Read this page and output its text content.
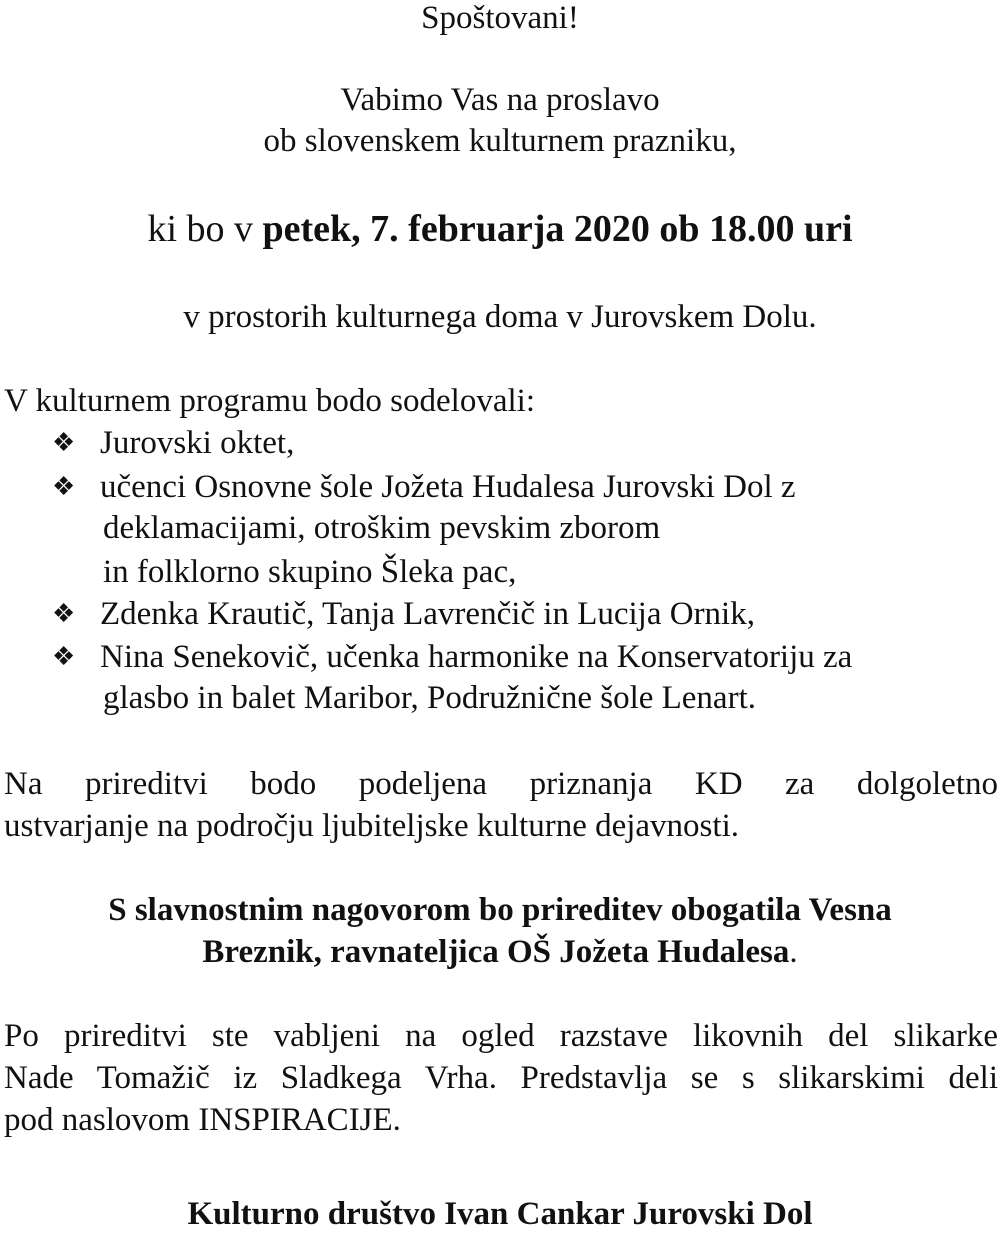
Spoštovani!
Vabimo Vas na proslavo
ob slovenskem kulturnem prazniku,
ki bo v petek, 7. februarja 2020 ob 18.00 uri
v prostorih kulturnega doma v Jurovskem Dolu.
V kulturnem programu bodo sodelovali:
❖ Jurovski oktet,
❖ učenci Osnovne šole Jožeta Hudalesa Jurovski Dol z
deklamacijami, otroškim pevskim zborom
in folklorno skupino Šleka pac,
❖ Zdenka Krautič, Tanja Lavrenčič in Lucija Ornik,
❖ Nina Senekovič, učenka harmonike na Konservatoriju za
glasbo in balet Maribor, Podružnične šole Lenart.
Na prireditvi bodo podeljena priznanja KD za dolgoletno
ustvarjanje na področju ljubiteljske kulturne dejavnosti.
S slavnostnim nagovorom bo prireditev obogatila Vesna
Breznik, ravnateljica OŠ Jožeta Hudalesa.
Po prireditvi ste vabljeni na ogled razstave likovnih del slikarke
Nade Tomažič iz Sladkega Vrha. Predstavlja se s slikarskimi deli
pod naslovom INSPIRACIJE.
Kulturno društvo Ivan Cankar Jurovski Dol
